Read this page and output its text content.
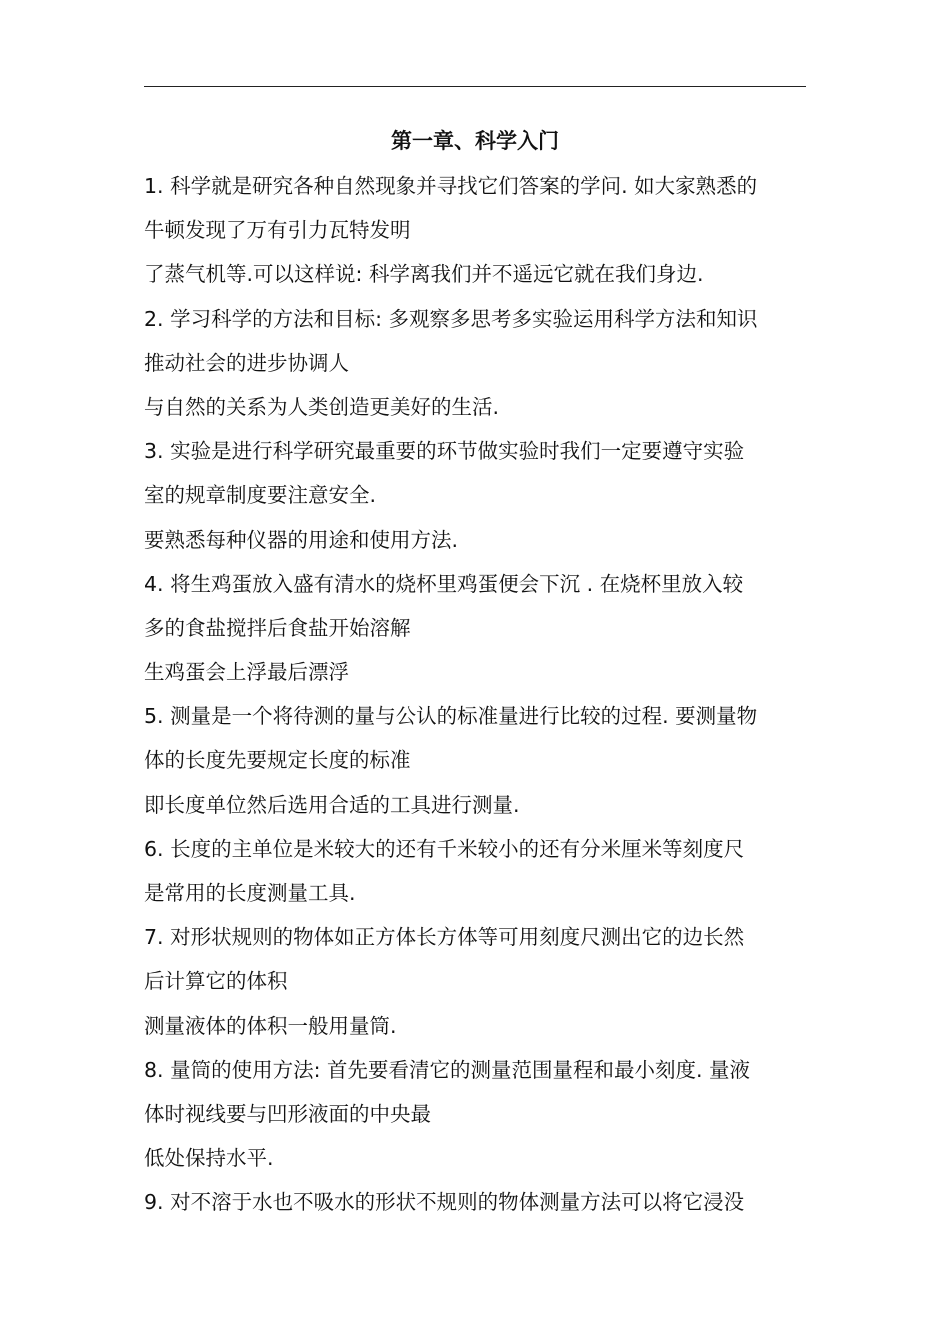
第一章、科学入门
1. 科学就是研究各种自然现象并寻找它们答案的学问. 如大家熟悉的
牛顿发现了万有引力瓦特发明
了蒸气机等.可以这样说: 科学离我们并不遥远它就在我们身边.
2. 学习科学的方法和目标: 多观察多思考多实验运用科学方法和知识
推动社会的进步协调人
与自然的关系为人类创造更美好的生活.
3. 实验是进行科学研究最重要的环节做实验时我们一定要遵守实验
室的规章制度要注意安全.
要熟悉每种仪器的用途和使用方法.
4. 将生鸡蛋放入盛有清水的烧杯里鸡蛋便会下沉 . 在烧杯里放入较
多的食盐搅拌后食盐开始溶解
生鸡蛋会上浮最后漂浮
5. 测量是一个将待测的量与公认的标准量进行比较的过程. 要测量物
体的长度先要规定长度的标准
即长度单位然后选用合适的工具进行测量.
6. 长度的主单位是米较大的还有千米较小的还有分米厘米等刻度尺
是常用的长度测量工具.
7. 对形状规则的物体如正方体长方体等可用刻度尺测出它的边长然
后计算它的体积
测量液体的体积一般用量筒.
8. 量筒的使用方法: 首先要看清它的测量范围量程和最小刻度. 量液
体时视线要与凹形液面的中央最
低处保持水平.
9. 对不溶于水也不吸水的形状不规则的物体测量方法可以将它浸没
